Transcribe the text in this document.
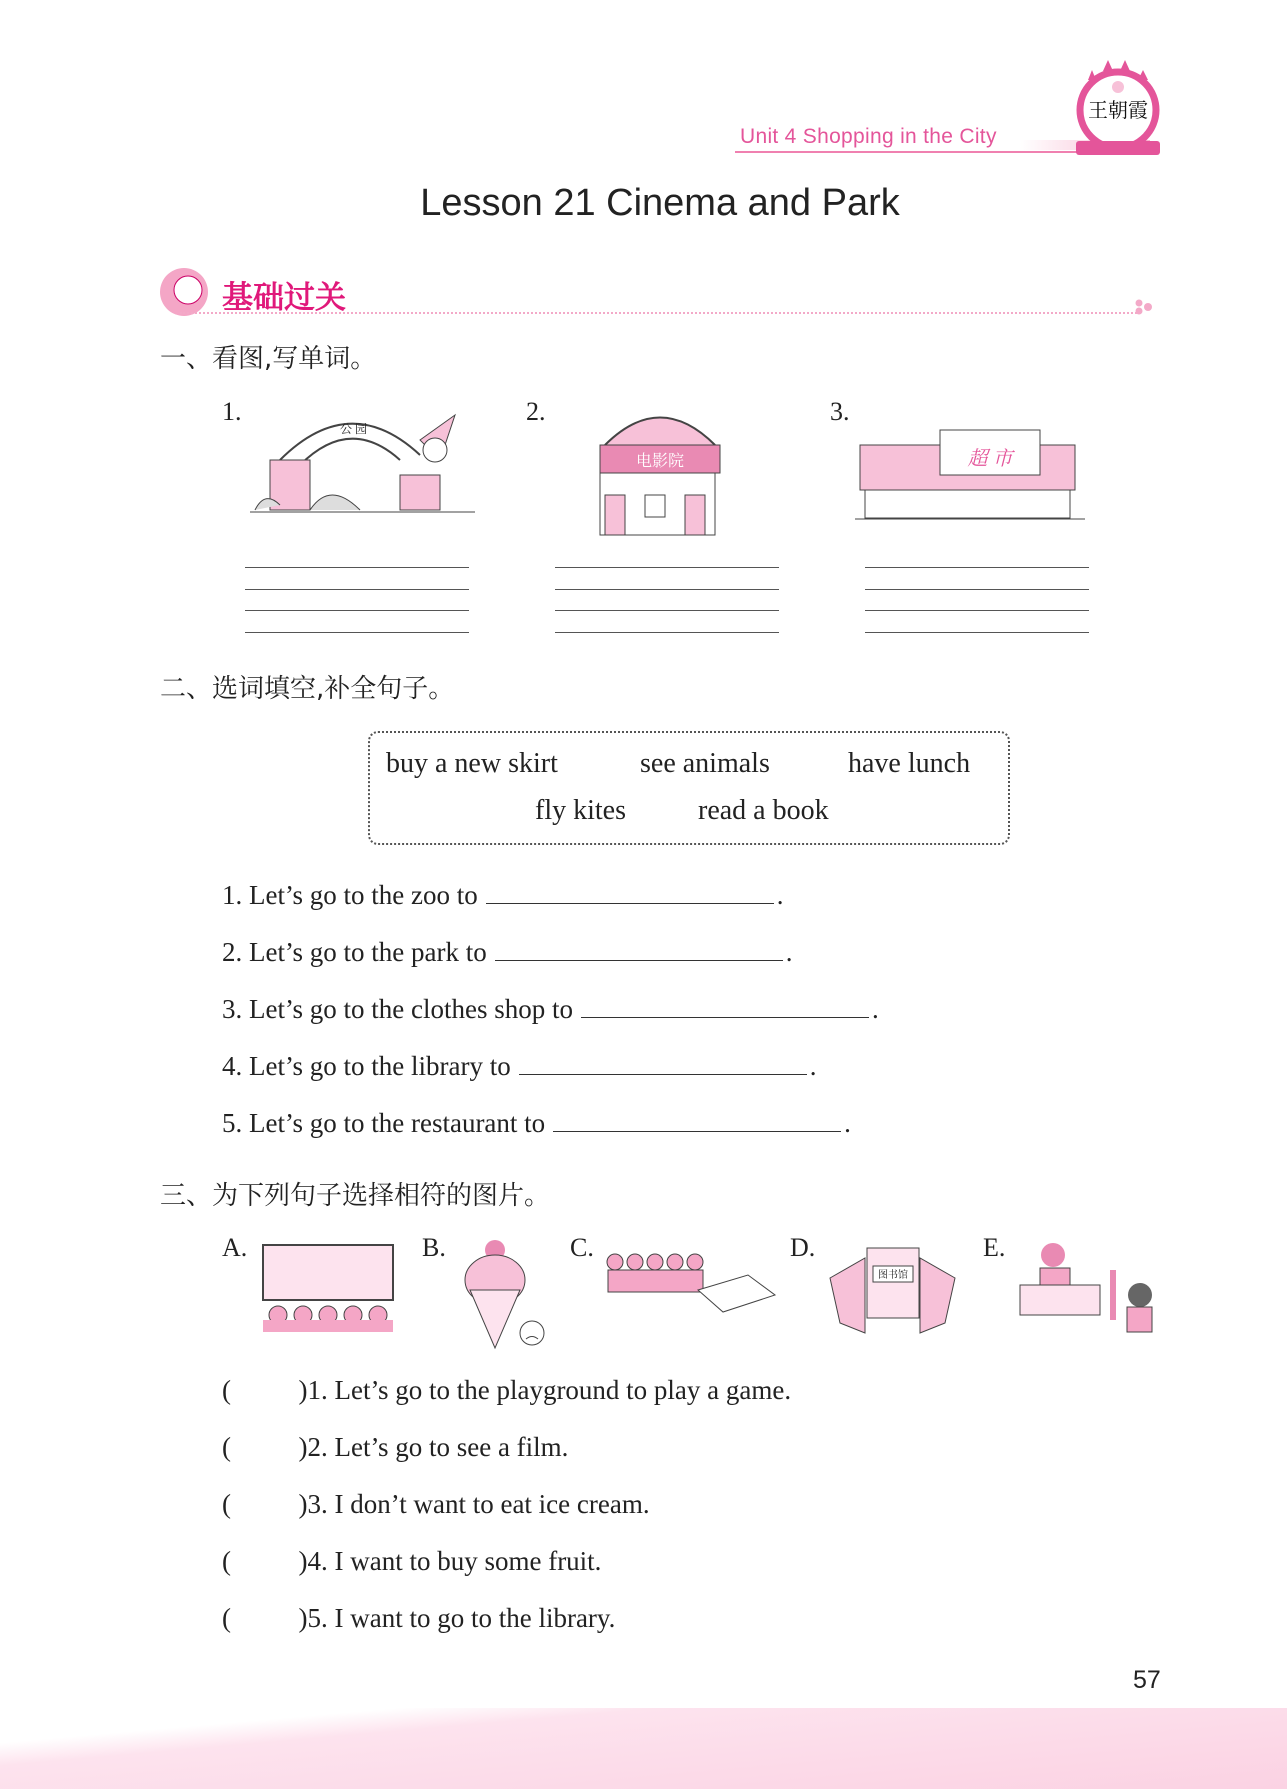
Unit 4 Shopping in the City
王朝霞
Lesson 21 Cinema and Park
基础过关
一、看图,写单词。
1.
公 园
2.
电影院
3.
超 市
二、选词填空,补全句子。
buy a new skirt	see animals	have lunch
fly kites	read a book
1. Let’s go to the zoo to	.
2. Let’s go to the park to	.
3. Let’s go to the clothes shop to	.
4. Let’s go to the library to	.
5. Let’s go to the restaurant to	.
三、为下列句子选择相符的图片。
A.	B.	C.	D.
图书馆
E.
(          )1. Let’s go to the playground to play a game.
(          )2. Let’s go to see a film.
(          )3. I don’t want to eat ice cream.
(          )4. I want to buy some fruit.
(          )5. I want to go to the library.
57
